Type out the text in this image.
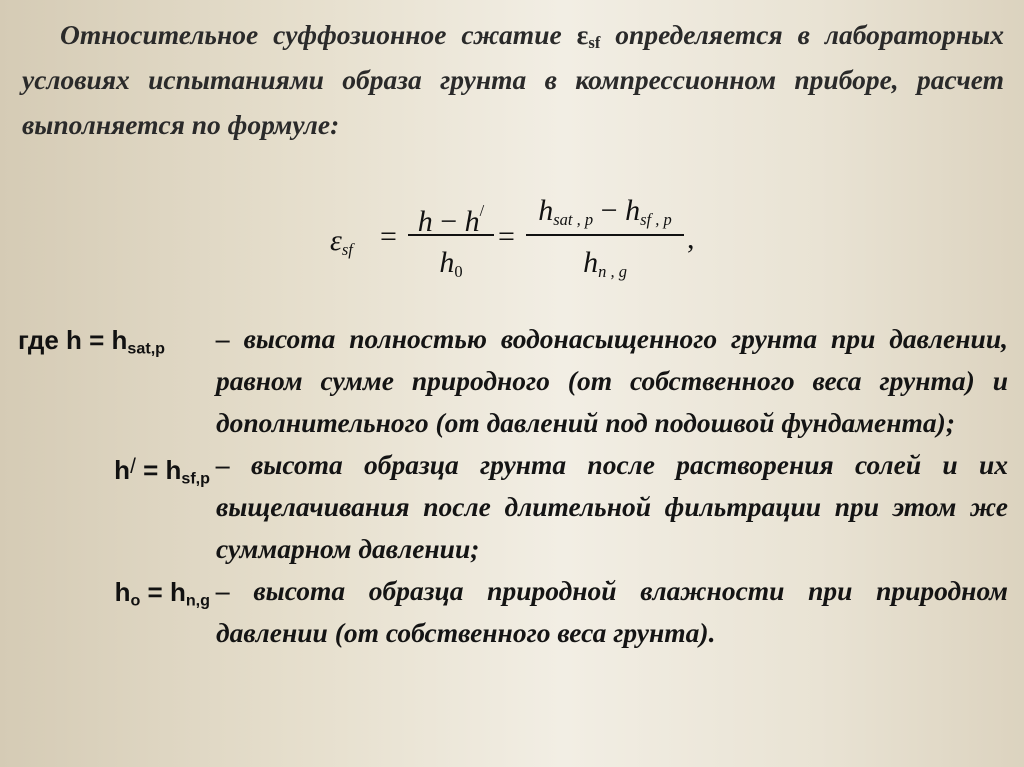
Относительное суффозионное сжатие $\varepsilon_{sf}$ определяется в лабораторных условиях испытаниями образа грунта в компрессионном приборе, расчет выполняется по формуле:

$\varepsilon_{sf} = h - h^/$
$h_0$
=
$h_{sat , p} - h_{sf , p}$
$h_{n , g}$
,
где $h = h_{sat,p}$	– высота полностью водонасыщенного грунта при давлении, равном сумме природного (от собственного веса грунта) и дополнительного (от давлений под подошвой фундамента);

$h^/ = h_{sf,p}$ – высота образца грунта после растворения солей и их выщелачивания после длительной фильтрации при этом же суммарном давлении;

$h_o = h_{n,g}$ – высота образца природной влажности при природном давлении (от собственного веса грунта).
